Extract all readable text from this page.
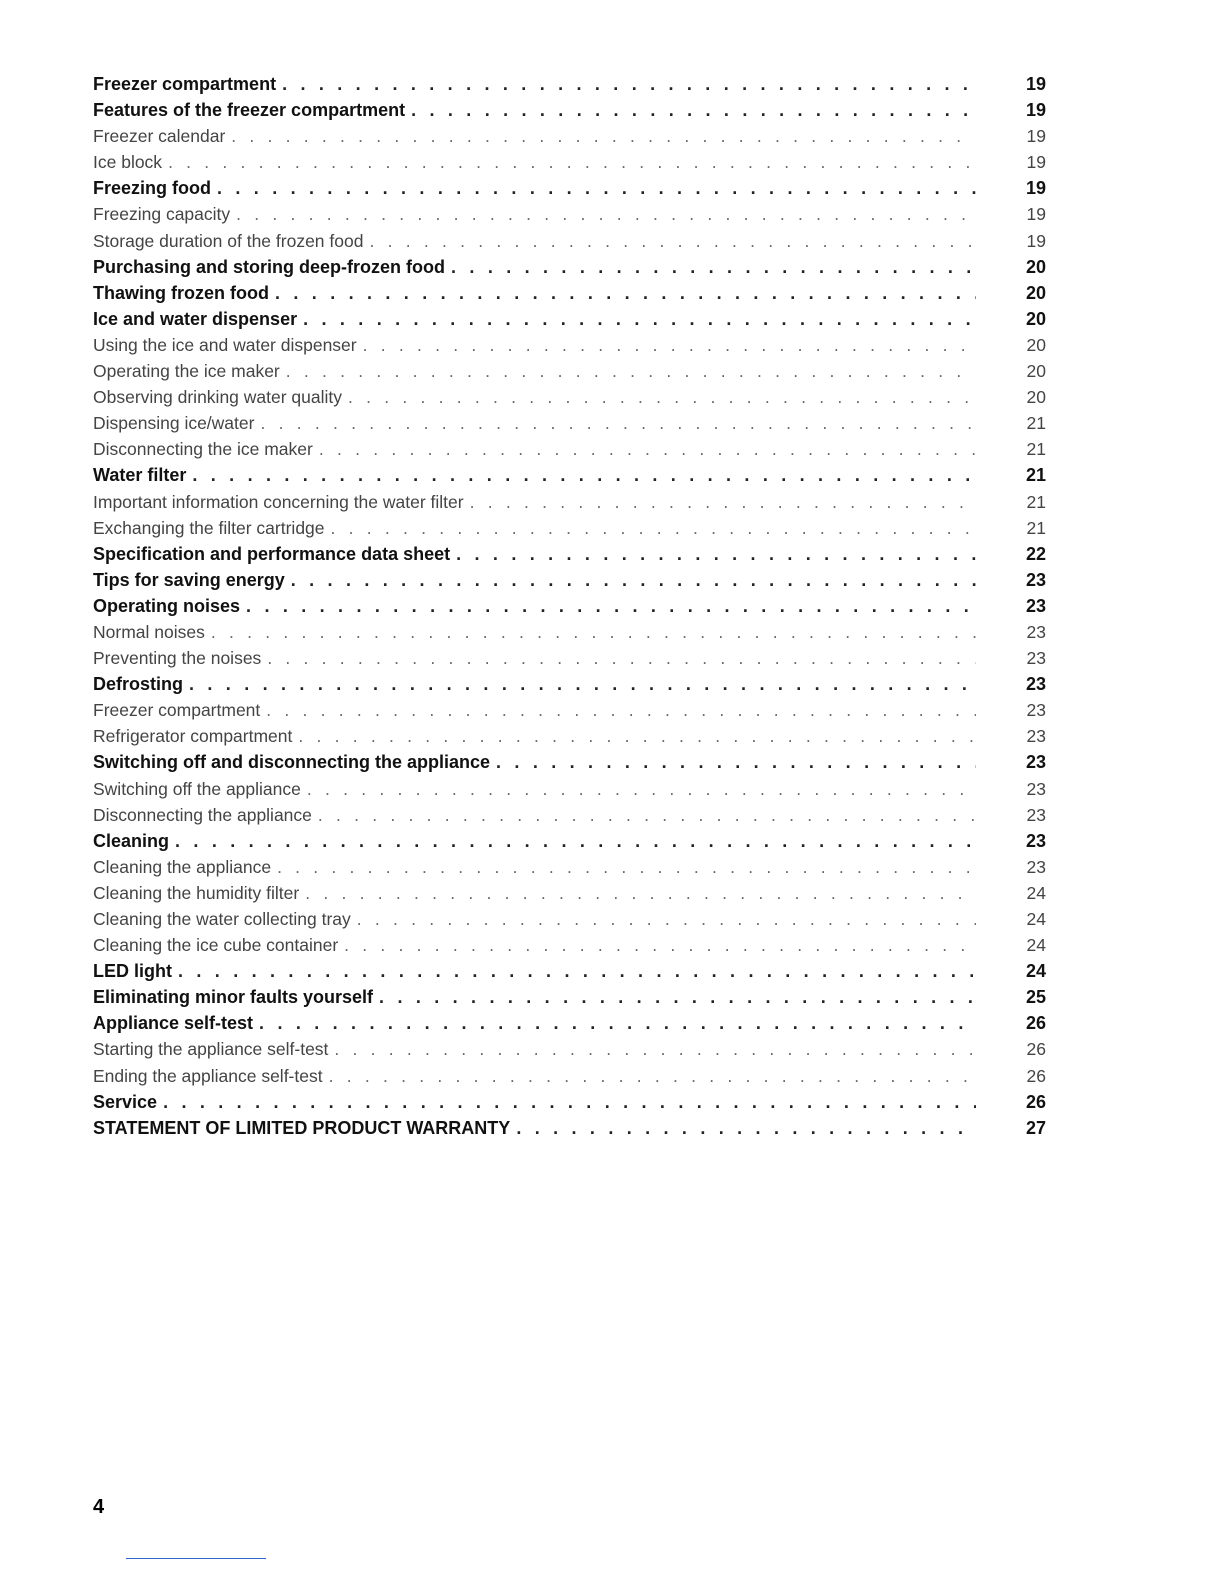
Freezer compartment . . .	19
Features of the freezer compartment . . .	19
Freezer calendar . . .	19
Ice block . . .	19
Freezing food . . .	19
Freezing capacity . . .	19
Storage duration of the frozen food . . .	19
Purchasing and storing deep-frozen food . . .	20
Thawing frozen food . . .	20
Ice and water dispenser . . .	20
Using the ice and water dispenser . . .	20
Operating the ice maker . . .	20
Observing drinking water quality . . .	20
Dispensing ice/water . . .	21
Disconnecting the ice maker . . .	21
Water filter . . .	21
Important information concerning the water filter . . .	21
Exchanging the filter cartridge . . .	21
Specification and performance data sheet . . .	22
Tips for saving energy . . .	23
Operating noises . . .	23
Normal noises . . .	23
Preventing the noises . . .	23
Defrosting . . .	23
Freezer compartment . . .	23
Refrigerator compartment . . .	23
Switching off and disconnecting the appliance . . .	23
Switching off the appliance . . .	23
Disconnecting the appliance . . .	23
Cleaning . . .	23
Cleaning the appliance . . .	23
Cleaning the humidity filter . . .	24
Cleaning the water collecting tray . . .	24
Cleaning the ice cube container . . .	24
LED light . . .	24
Eliminating minor faults yourself . . .	25
Appliance self-test . . .	26
Starting the appliance self-test . . .	26
Ending the appliance self-test . . .	26
Service . . .	26
STATEMENT OF LIMITED PRODUCT WARRANTY . . .	27
4
